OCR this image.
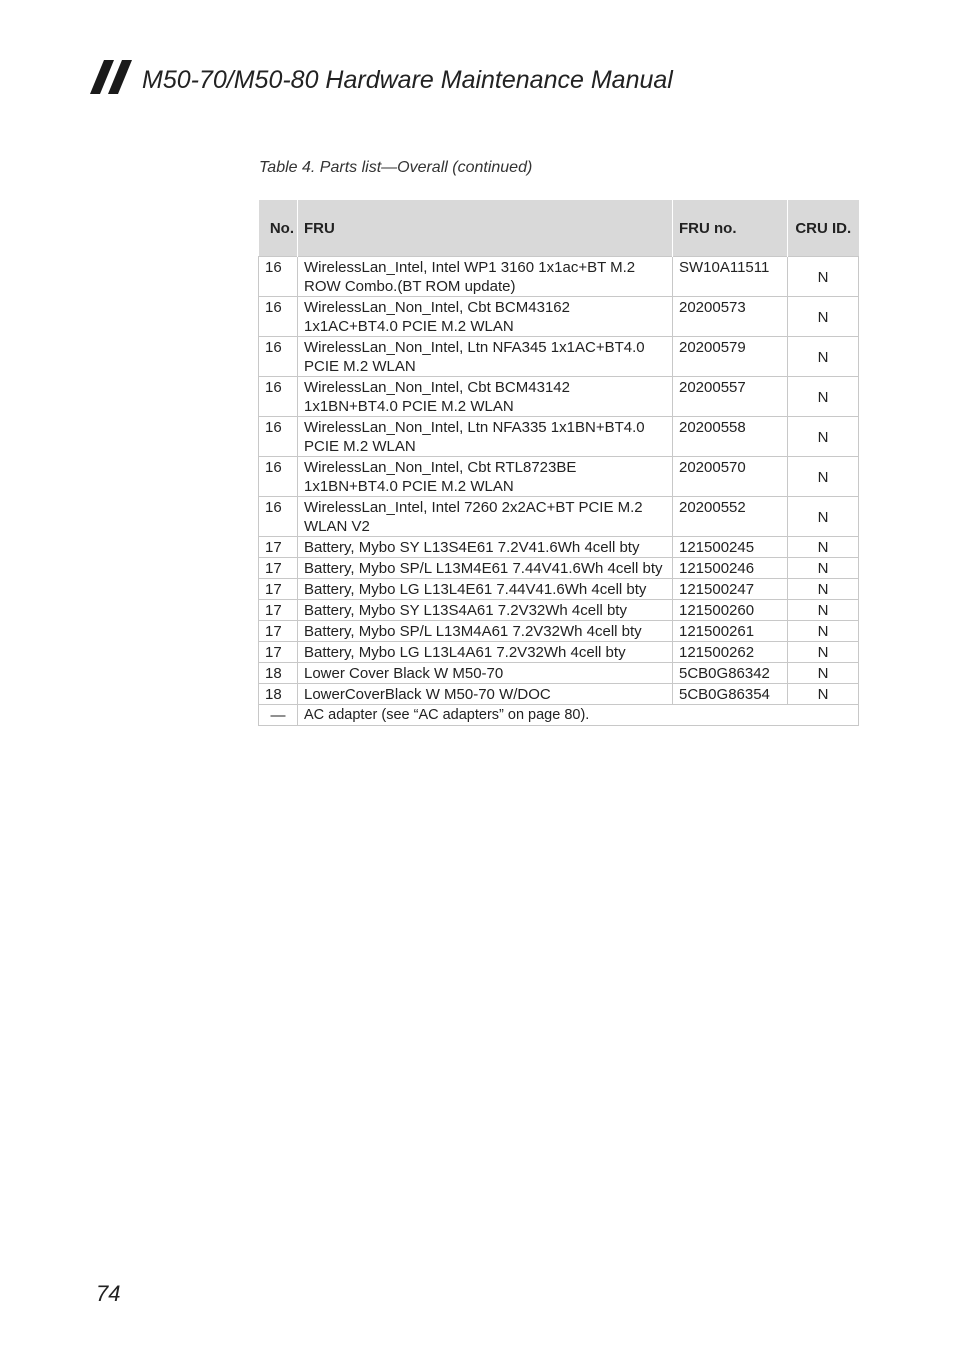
M50-70/M50-80 Hardware Maintenance Manual
Table 4. Parts list—Overall (continued)
No.	FRU	FRU no.	CRU ID.
16	WirelessLan_Intel, Intel WP1 3160 1x1ac+BT M.2 ROW Combo.(BT ROM update)	SW10A11511	N
16	WirelessLan_Non_Intel, Cbt BCM43162 1x1AC+BT4.0 PCIE M.2 WLAN	20200573	N
16	WirelessLan_Non_Intel, Ltn NFA345 1x1AC+BT4.0 PCIE M.2 WLAN	20200579	N
16	WirelessLan_Non_Intel, Cbt BCM43142 1x1BN+BT4.0 PCIE M.2 WLAN	20200557	N
16	WirelessLan_Non_Intel, Ltn NFA335 1x1BN+BT4.0 PCIE M.2 WLAN	20200558	N
16	WirelessLan_Non_Intel, Cbt RTL8723BE 1x1BN+BT4.0 PCIE M.2 WLAN	20200570	N
16	WirelessLan_Intel, Intel 7260 2x2AC+BT PCIE M.2 WLAN V2	20200552	N
17	Battery, Mybo SY L13S4E61 7.2V41.6Wh 4cell bty	121500245	N
17	Battery, Mybo SP/L L13M4E61 7.44V41.6Wh 4cell bty	121500246	N
17	Battery, Mybo LG L13L4E61 7.44V41.6Wh 4cell bty	121500247	N
17	Battery, Mybo SY L13S4A61 7.2V32Wh 4cell bty	121500260	N
17	Battery, Mybo SP/L L13M4A61 7.2V32Wh 4cell bty	121500261	N
17	Battery, Mybo LG L13L4A61 7.2V32Wh 4cell bty	121500262	N
18	Lower Cover Black W M50-70	5CB0G86342	N
18	LowerCoverBlack W M50-70 W/DOC	5CB0G86354	N
—	AC adapter (see “AC adapters” on page 80).		
74
